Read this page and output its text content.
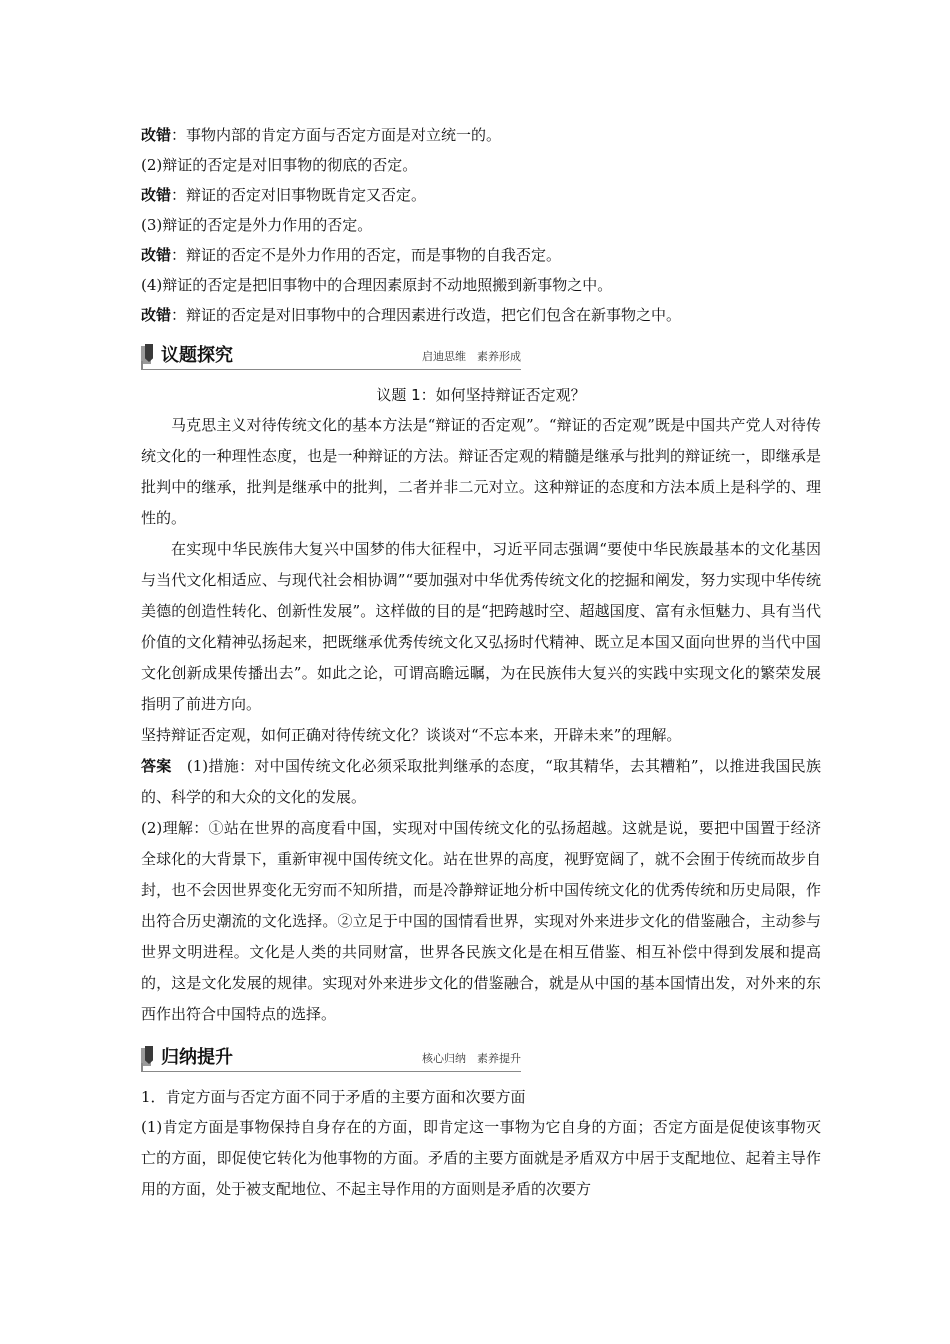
改错：事物内部的肯定方面与否定方面是对立统一的。
(2)辩证的否定是对旧事物的彻底的否定。
改错：辩证的否定对旧事物既肯定又否定。
(3)辩证的否定是外力作用的否定。
改错：辩证的否定不是外力作用的否定，而是事物的自我否定。
(4)辩证的否定是把旧事物中的合理因素原封不动地照搬到新事物之中。
改错：辩证的否定是对旧事物中的合理因素进行改造，把它们包含在新事物之中。
议题探究	启迪思维　素养形成
议题 1：如何坚持辩证否定观？
马克思主义对待传统文化的基本方法是“辩证的否定观”。“辩证的否定观”既是中国共产党人对待传统文化的一种理性态度，也是一种辩证的方法。辩证否定观的精髓是继承与批判的辩证统一，即继承是批判中的继承，批判是继承中的批判，二者并非二元对立。这种辩证的态度和方法本质上是科学的、理性的。
在实现中华民族伟大复兴中国梦的伟大征程中，习近平同志强调“要使中华民族最基本的文化基因与当代文化相适应、与现代社会相协调”“要加强对中华优秀传统文化的挖掘和阐发，努力实现中华传统美德的创造性转化、创新性发展”。这样做的目的是“把跨越时空、超越国度、富有永恒魅力、具有当代价值的文化精神弘扬起来，把既继承优秀传统文化又弘扬时代精神、既立足本国又面向世界的当代中国文化创新成果传播出去”。如此之论，可谓高瞻远瞩，为在民族伟大复兴的实践中实现文化的繁荣发展指明了前进方向。
坚持辩证否定观，如何正确对待传统文化？谈谈对“不忘本来，开辟未来”的理解。
答案　(1)措施：对中国传统文化必须采取批判继承的态度，“取其精华，去其糟粕”，以推进我国民族的、科学的和大众的文化的发展。
(2)理解：①站在世界的高度看中国，实现对中国传统文化的弘扬超越。这就是说，要把中国置于经济全球化的大背景下，重新审视中国传统文化。站在世界的高度，视野宽阔了，就不会囿于传统而故步自封，也不会因世界变化无穷而不知所措，而是冷静辩证地分析中国传统文化的优秀传统和历史局限，作出符合历史潮流的文化选择。②立足于中国的国情看世界，实现对外来进步文化的借鉴融合，主动参与世界文明进程。文化是人类的共同财富，世界各民族文化是在相互借鉴、相互补偿中得到发展和提高的，这是文化发展的规律。实现对外来进步文化的借鉴融合，就是从中国的基本国情出发，对外来的东西作出符合中国特点的选择。
归纳提升	核心归纳　素养提升
1．肯定方面与否定方面不同于矛盾的主要方面和次要方面
(1)肯定方面是事物保持自身存在的方面，即肯定这一事物为它自身的方面；否定方面是促使该事物灭亡的方面，即促使它转化为他事物的方面。矛盾的主要方面就是矛盾双方中居于支配地位、起着主导作用的方面，处于被支配地位、不起主导作用的方面则是矛盾的次要方
